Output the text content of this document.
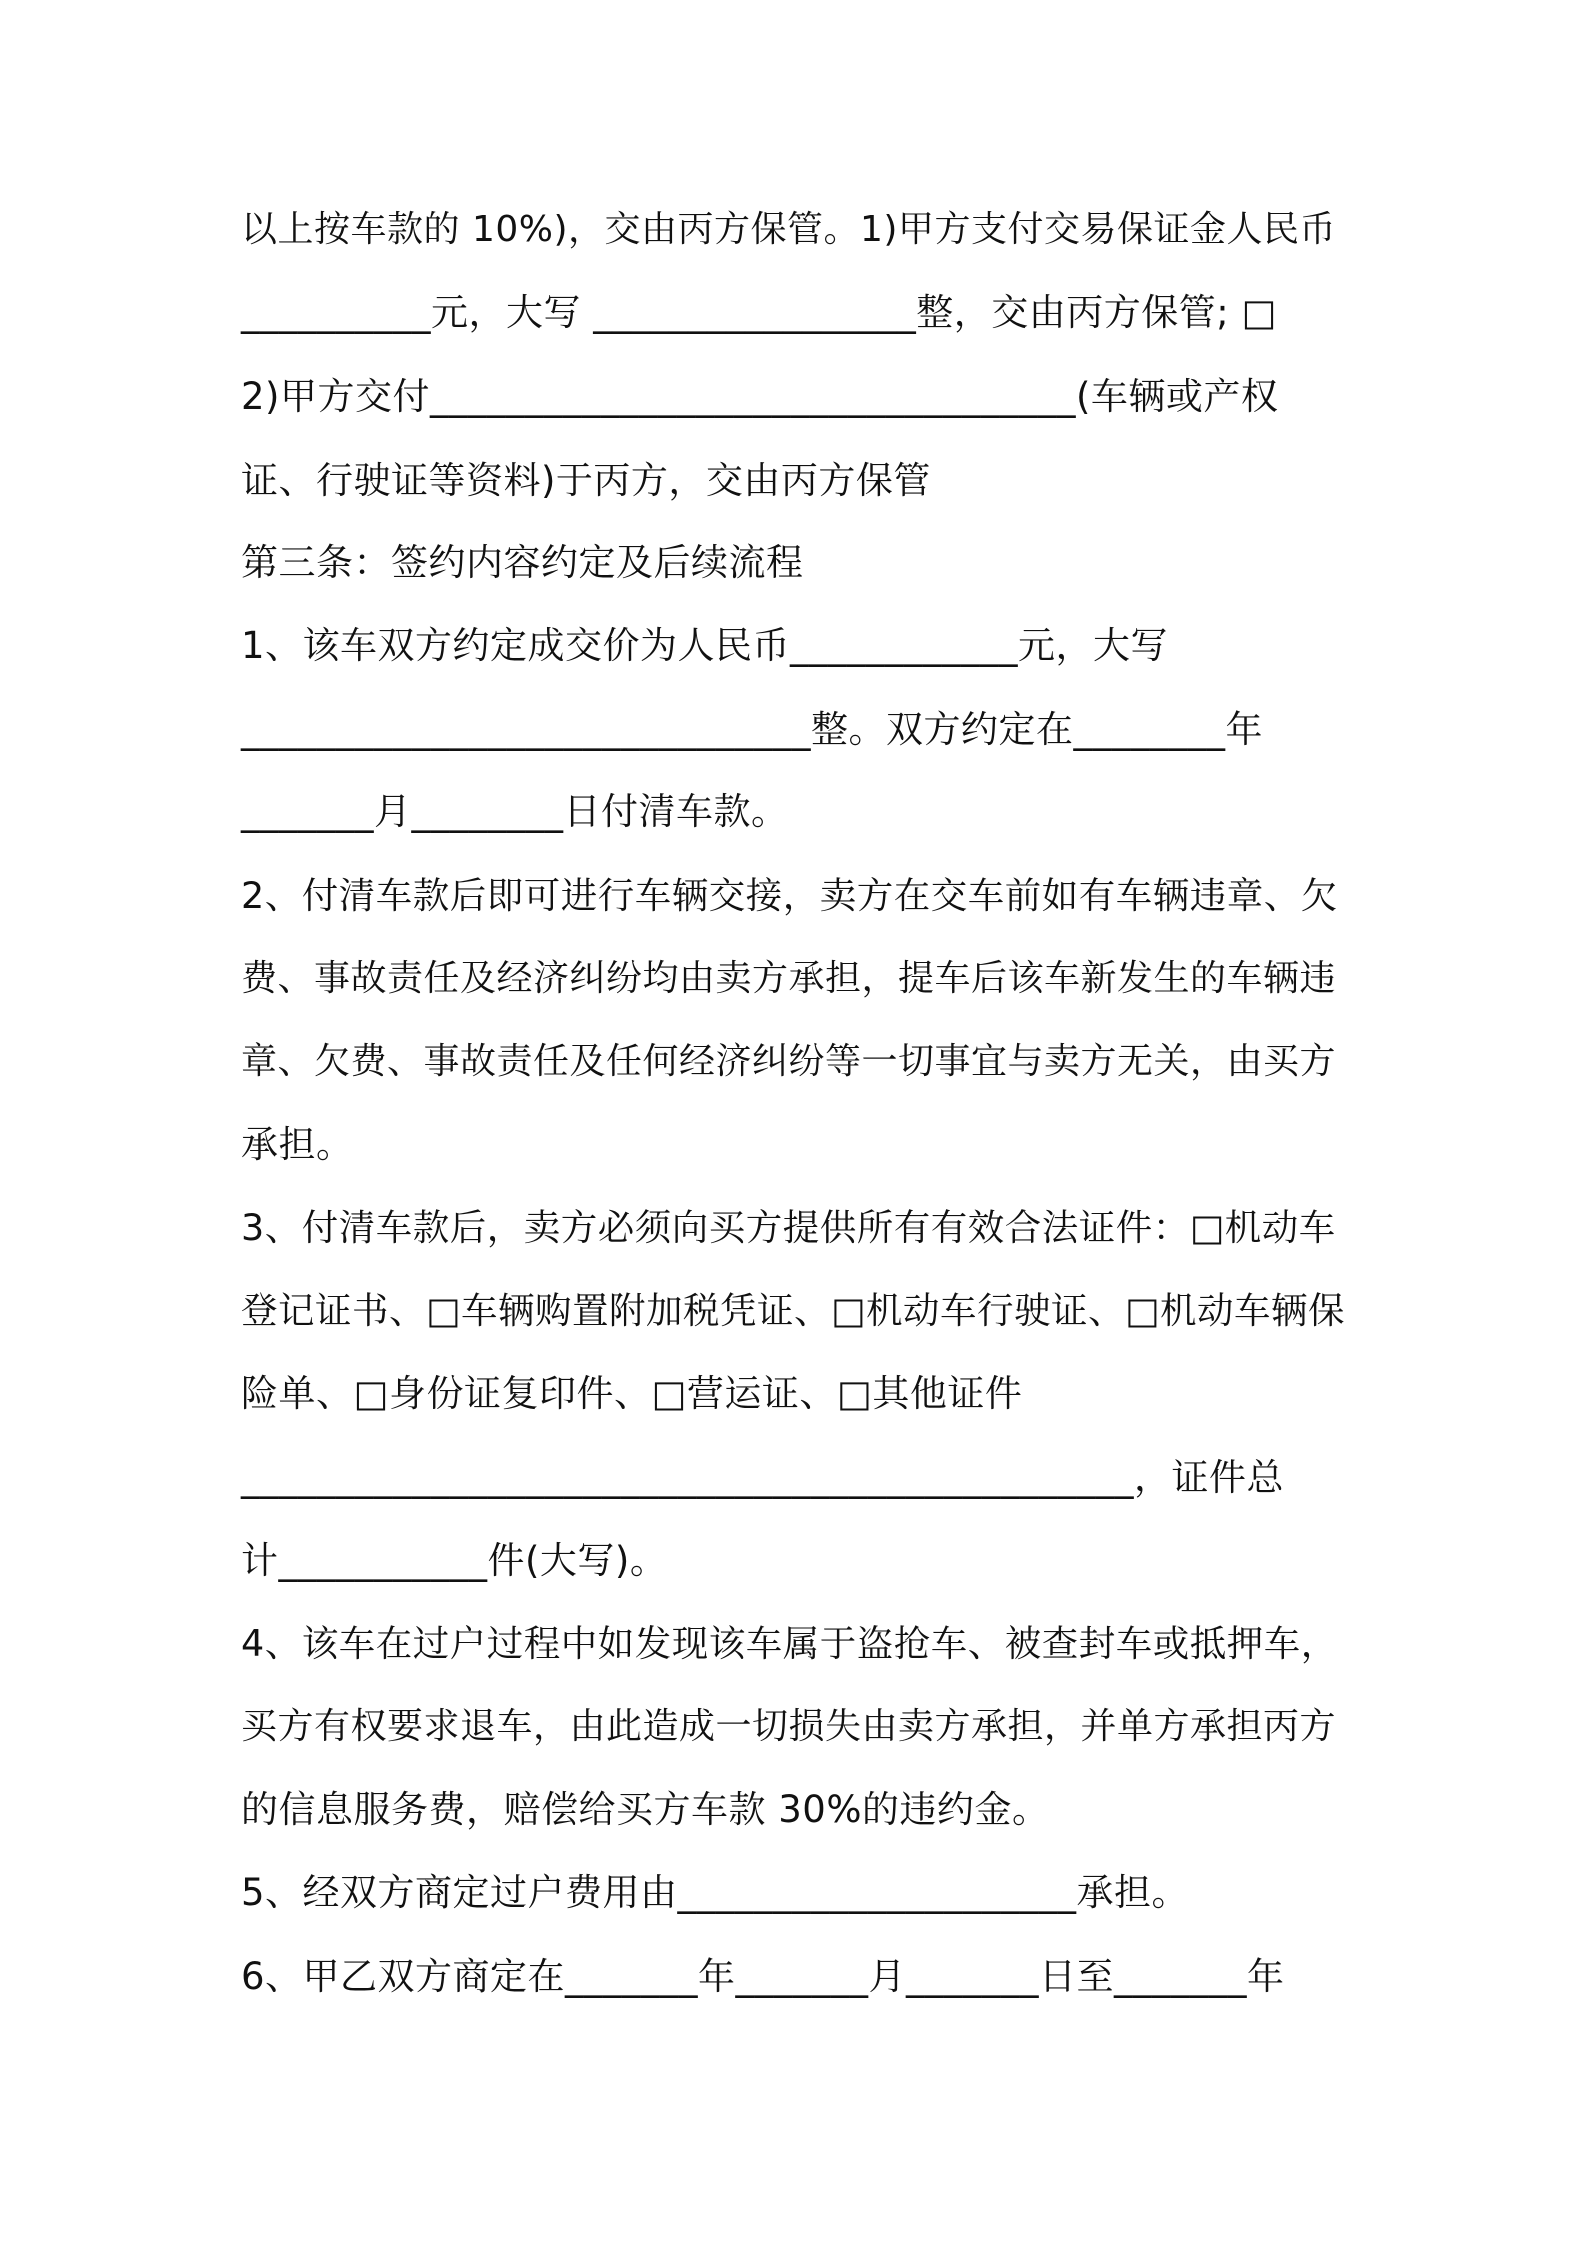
以上按车款的 10%)，交由丙方保管。1)甲方支付交易保证金人民币
__________元，大写 _________________整，交由丙方保管; □
2)甲方交付__________________________________(车辆或产权
证、行驶证等资料)于丙方，交由丙方保管
第三条：签约内容约定及后续流程
1、该车双方约定成交价为人民币____________元，大写
______________________________整。双方约定在________年
_______月________日付清车款。
2、付清车款后即可进行车辆交接，卖方在交车前如有车辆违章、欠
费、事故责任及经济纠纷均由卖方承担，提车后该车新发生的车辆违
章、欠费、事故责任及任何经济纠纷等一切事宜与卖方无关，由买方
承担。
3、付清车款后，卖方必须向买方提供所有有效合法证件：□机动车
登记证书、□车辆购置附加税凭证、□机动车行驶证、□机动车辆保
险单、□身份证复印件、□营运证、□其他证件
_______________________________________________，证件总
计___________件(大写)。
4、该车在过户过程中如发现该车属于盗抢车、被查封车或抵押车，
买方有权要求退车，由此造成一切损失由卖方承担，并单方承担丙方
的信息服务费，赔偿给买方车款 30%的违约金。
5、经双方商定过户费用由_____________________承担。
6、甲乙双方商定在_______年_______月_______日至_______年
